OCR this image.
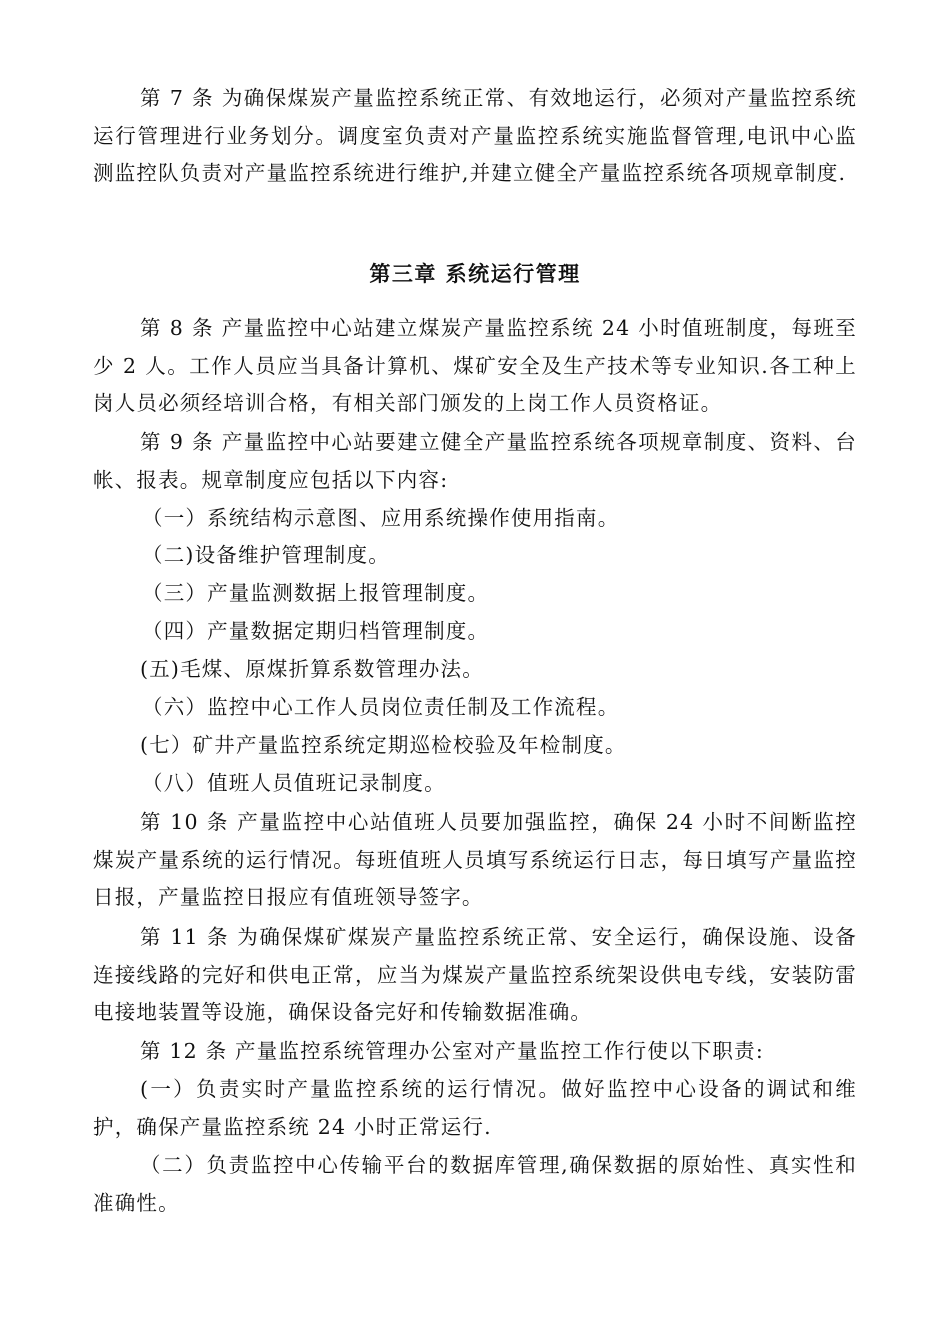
第 7 条 为确保煤炭产量监控系统正常、有效地运行，必须对产量监控系统运行管理进行业务划分。调度室负责对产量监控系统实施监督管理,电讯中心监测监控队负责对产量监控系统进行维护,并建立健全产量监控系统各项规章制度.

第三章 系统运行管理

第 8 条 产量监控中心站建立煤炭产量监控系统 24 小时值班制度，每班至少 2 人。工作人员应当具备计算机、煤矿安全及生产技术等专业知识.各工种上岗人员必须经培训合格，有相关部门颁发的上岗工作人员资格证。

第 9 条 产量监控中心站要建立健全产量监控系统各项规章制度、资料、台帐、报表。规章制度应包括以下内容:

（一）系统结构示意图、应用系统操作使用指南。

（二)设备维护管理制度。

（三）产量监测数据上报管理制度。

（四）产量数据定期归档管理制度。

(五)毛煤、原煤折算系数管理办法。

（六）监控中心工作人员岗位责任制及工作流程。

(七）矿井产量监控系统定期巡检校验及年检制度。

（八）值班人员值班记录制度。

第 10 条 产量监控中心站值班人员要加强监控，确保 24 小时不间断监控煤炭产量系统的运行情况。每班值班人员填写系统运行日志，每日填写产量监控日报，产量监控日报应有值班领导签字。

第 11 条 为确保煤矿煤炭产量监控系统正常、安全运行，确保设施、设备连接线路的完好和供电正常，应当为煤炭产量监控系统架设供电专线，安装防雷电接地装置等设施，确保设备完好和传输数据准确。

第 12 条 产量监控系统管理办公室对产量监控工作行使以下职责:

(一）负责实时产量监控系统的运行情况。做好监控中心设备的调试和维护，确保产量监控系统 24 小时正常运行.

（二）负责监控中心传输平台的数据库管理,确保数据的原始性、真实性和准确性。
